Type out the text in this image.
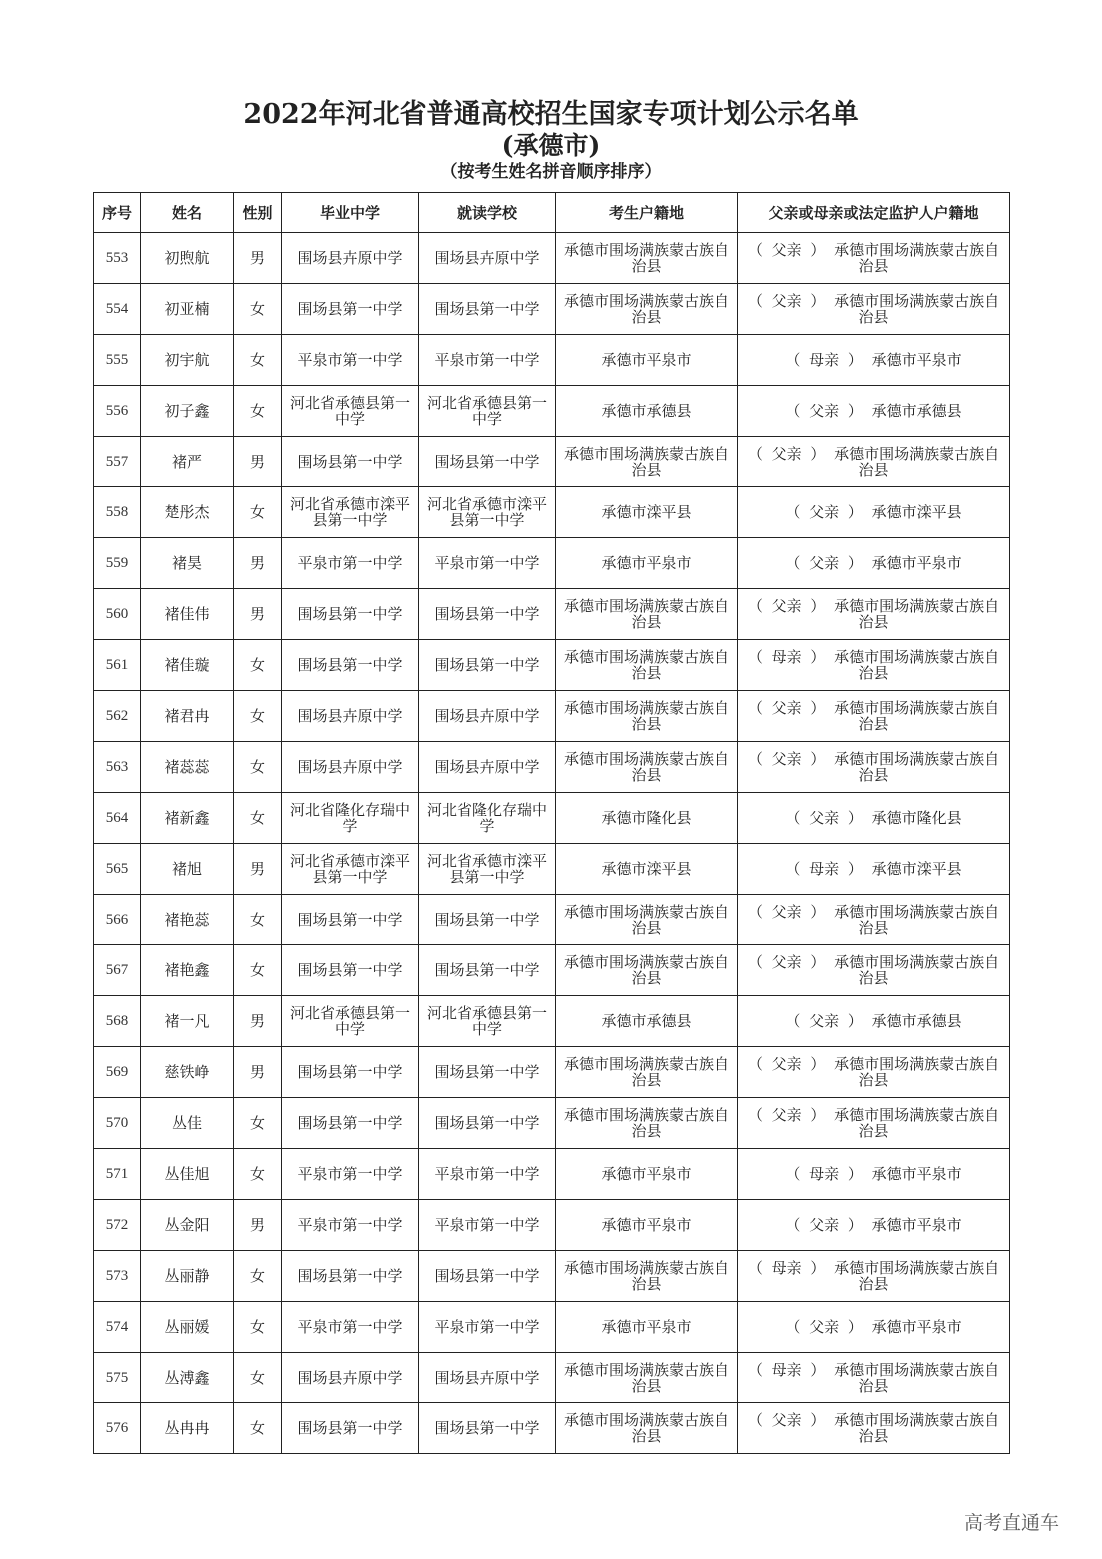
2022年河北省普通高校招生国家专项计划公示名单
(承德市)
（按考生姓名拼音顺序排序）
序号	姓名	性别	毕业中学	就读学校	考生户籍地	父亲或母亲或法定监护人户籍地
553	初煦航	男	围场县卉原中学	围场县卉原中学	承德市围场满族蒙古族自治县	（ 父亲 ） 承德市围场满族蒙古族自治县
554	初亚楠	女	围场县第一中学	围场县第一中学	承德市围场满族蒙古族自治县	（ 父亲 ） 承德市围场满族蒙古族自治县
555	初宇航	女	平泉市第一中学	平泉市第一中学	承德市平泉市	（ 母亲 ） 承德市平泉市
556	初子鑫	女	河北省承德县第一中学	河北省承德县第一中学	承德市承德县	（ 父亲 ） 承德市承德县
557	褚严	男	围场县第一中学	围场县第一中学	承德市围场满族蒙古族自治县	（ 父亲 ） 承德市围场满族蒙古族自治县
558	楚彤杰	女	河北省承德市滦平县第一中学	河北省承德市滦平县第一中学	承德市滦平县	（ 父亲 ） 承德市滦平县
559	褚昊	男	平泉市第一中学	平泉市第一中学	承德市平泉市	（ 父亲 ） 承德市平泉市
560	褚佳伟	男	围场县第一中学	围场县第一中学	承德市围场满族蒙古族自治县	（ 父亲 ） 承德市围场满族蒙古族自治县
561	褚佳璇	女	围场县第一中学	围场县第一中学	承德市围场满族蒙古族自治县	（ 母亲 ） 承德市围场满族蒙古族自治县
562	褚君冉	女	围场县卉原中学	围场县卉原中学	承德市围场满族蒙古族自治县	（ 父亲 ） 承德市围场满族蒙古族自治县
563	褚蕊蕊	女	围场县卉原中学	围场县卉原中学	承德市围场满族蒙古族自治县	（ 父亲 ） 承德市围场满族蒙古族自治县
564	褚新鑫	女	河北省隆化存瑞中学	河北省隆化存瑞中学	承德市隆化县	（ 父亲 ） 承德市隆化县
565	褚旭	男	河北省承德市滦平县第一中学	河北省承德市滦平县第一中学	承德市滦平县	（ 母亲 ） 承德市滦平县
566	褚艳蕊	女	围场县第一中学	围场县第一中学	承德市围场满族蒙古族自治县	（ 父亲 ） 承德市围场满族蒙古族自治县
567	褚艳鑫	女	围场县第一中学	围场县第一中学	承德市围场满族蒙古族自治县	（ 父亲 ） 承德市围场满族蒙古族自治县
568	褚一凡	男	河北省承德县第一中学	河北省承德县第一中学	承德市承德县	（ 父亲 ） 承德市承德县
569	慈铁峥	男	围场县第一中学	围场县第一中学	承德市围场满族蒙古族自治县	（ 父亲 ） 承德市围场满族蒙古族自治县
570	丛佳	女	围场县第一中学	围场县第一中学	承德市围场满族蒙古族自治县	（ 父亲 ） 承德市围场满族蒙古族自治县
571	丛佳旭	女	平泉市第一中学	平泉市第一中学	承德市平泉市	（ 母亲 ） 承德市平泉市
572	丛金阳	男	平泉市第一中学	平泉市第一中学	承德市平泉市	（ 父亲 ） 承德市平泉市
573	丛丽静	女	围场县第一中学	围场县第一中学	承德市围场满族蒙古族自治县	（ 母亲 ） 承德市围场满族蒙古族自治县
574	丛丽媛	女	平泉市第一中学	平泉市第一中学	承德市平泉市	（ 父亲 ） 承德市平泉市
575	丛溥鑫	女	围场县卉原中学	围场县卉原中学	承德市围场满族蒙古族自治县	（ 母亲 ） 承德市围场满族蒙古族自治县
576	丛冉冉	女	围场县第一中学	围场县第一中学	承德市围场满族蒙古族自治县	（ 父亲 ） 承德市围场满族蒙古族自治县
高考直通车
